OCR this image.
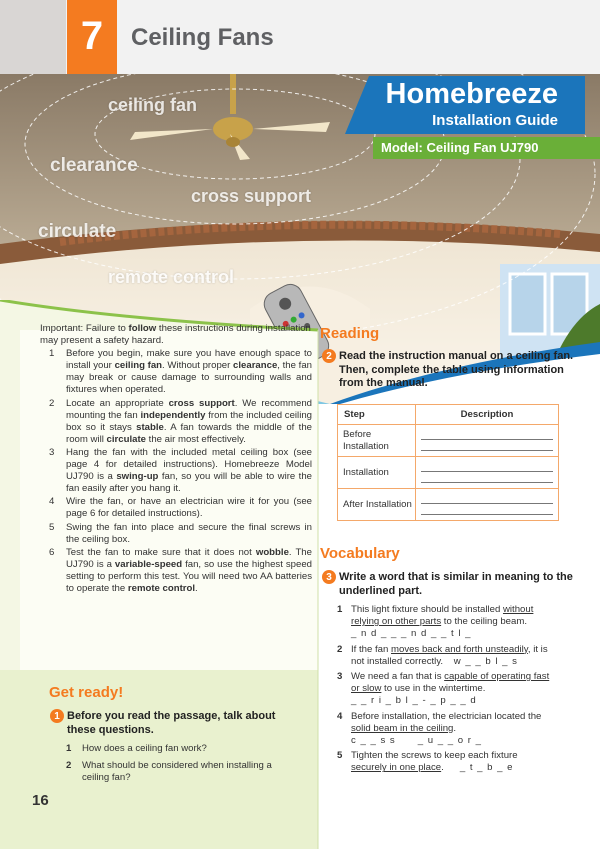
7	Ceiling Fans
ceiling fan
clearance
cross support
circulate
remote control
Homebreeze
Installation Guide
Model: Ceiling Fan UJ790

Important: Failure to follow these instructions during installation may present a safety hazard.

1 Before you begin, make sure you have enough space to install your ceiling fan. Without proper clearance, the fan may break or cause damage to surrounding walls and fixtures when operated.
2 Locate an appropriate cross support. We recommend mounting the fan independently from the included ceiling box so it stays stable. A fan towards the middle of the room will circulate the air most effectively.
3 Hang the fan with the included metal ceiling box (see page 4 for detailed instructions). Homebreeze Model UJ790 is a swing-up fan, so you will be able to wire the fan easily after you hang it.
4 Wire the fan, or have an electrician wire it for you (see page 6 for detailed instructions).
5 Swing the fan into place and secure the final screws in the ceiling box.
6 Test the fan to make sure that it does not wobble. The UJ790 is a variable-speed fan, so use the highest speed setting to perform this test. You will need two AA batteries to operate the remote control.
Get ready!
1 Before you read the passage, talk about these questions.
1 How does a ceiling fan work?
2 What should be considered when installing a ceiling fan?
16
Reading
2 Read the instruction manual on a ceiling fan. Then, complete the table using information from the manual.
Step	Description
Before Installation	

Installation	

After Installation	
Vocabulary
3 Write a word that is similar in meaning to the underlined part.
1 This light fixture should be installed without relying on other parts to the ceiling beam.
_ n d _ _ _ n d _ _ t l _
2 If the fan moves back and forth unsteadily, it is not installed correctly. w _ _ b l _ s
3 We need a fan that is capable of operating fast or slow to use in the wintertime.
_ _ r i _ b l _ - _ p _ _ d
4 Before installation, the electrician located the solid beam in the ceiling.
c _ _ s s      _ u _ _ o r _
5 Tighten the screws to keep each fixture securely in one place. _ t _ b _ e
